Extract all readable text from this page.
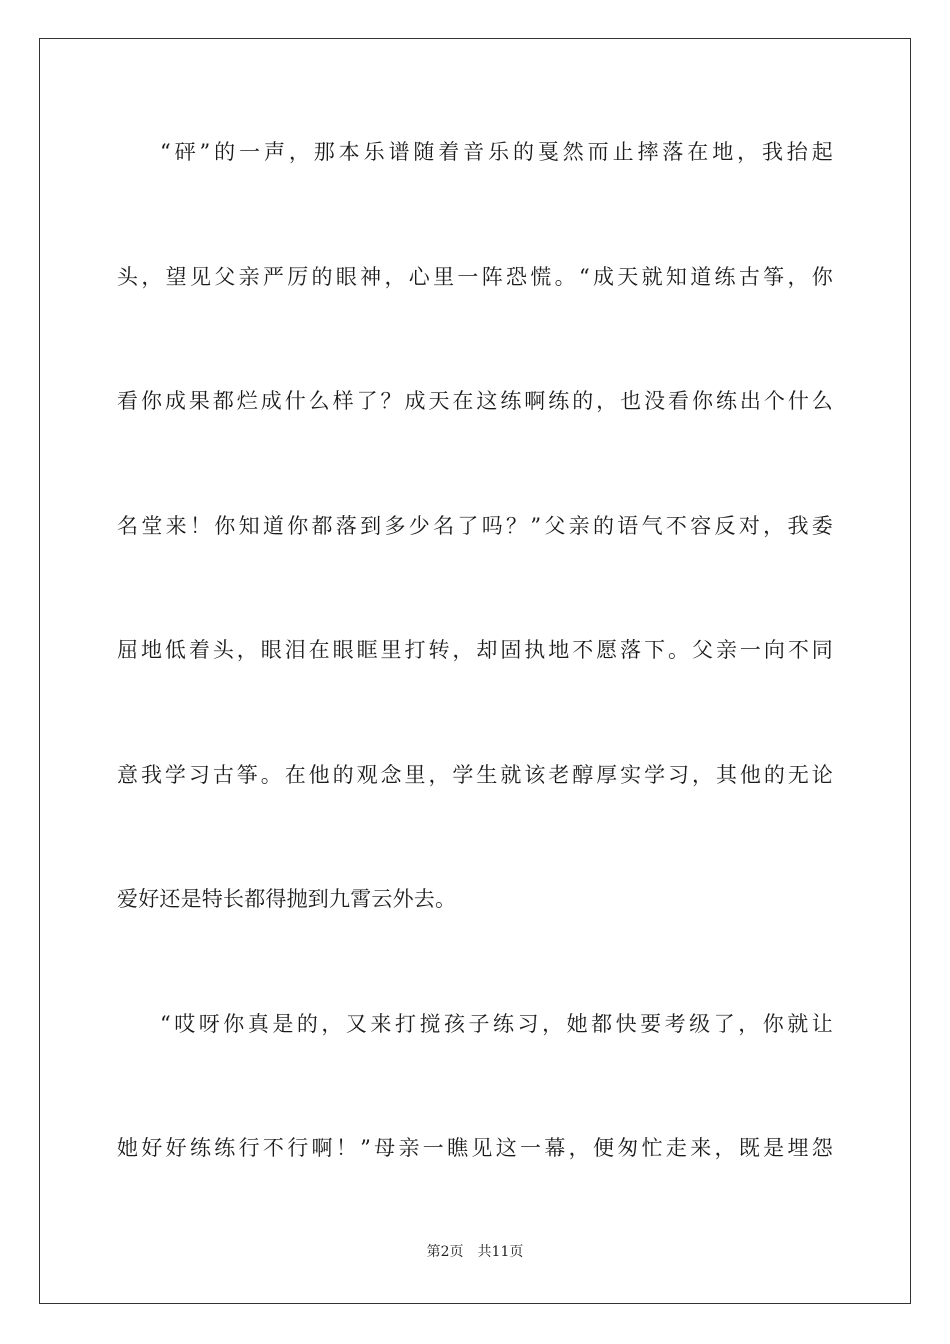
“砰”的一声，那本乐谱随着音乐的戛然而止摔落在地，我抬起
头，望见父亲严厉的眼神，心里一阵恐慌。“成天就知道练古筝，你
看你成果都烂成什么样了？成天在这练啊练的，也没看你练出个什么
名堂来！你知道你都落到多少名了吗？”父亲的语气不容反对，我委
屈地低着头，眼泪在眼眶里打转，却固执地不愿落下。父亲一向不同
意我学习古筝。在他的观念里，学生就该老醇厚实学习，其他的无论
爱好还是特长都得抛到九霄云外去。
“哎呀你真是的，又来打搅孩子练习，她都快要考级了，你就让
她好好练练行不行啊！”母亲一瞧见这一幕，便匆忙走来，既是埋怨
第2页 共11页
